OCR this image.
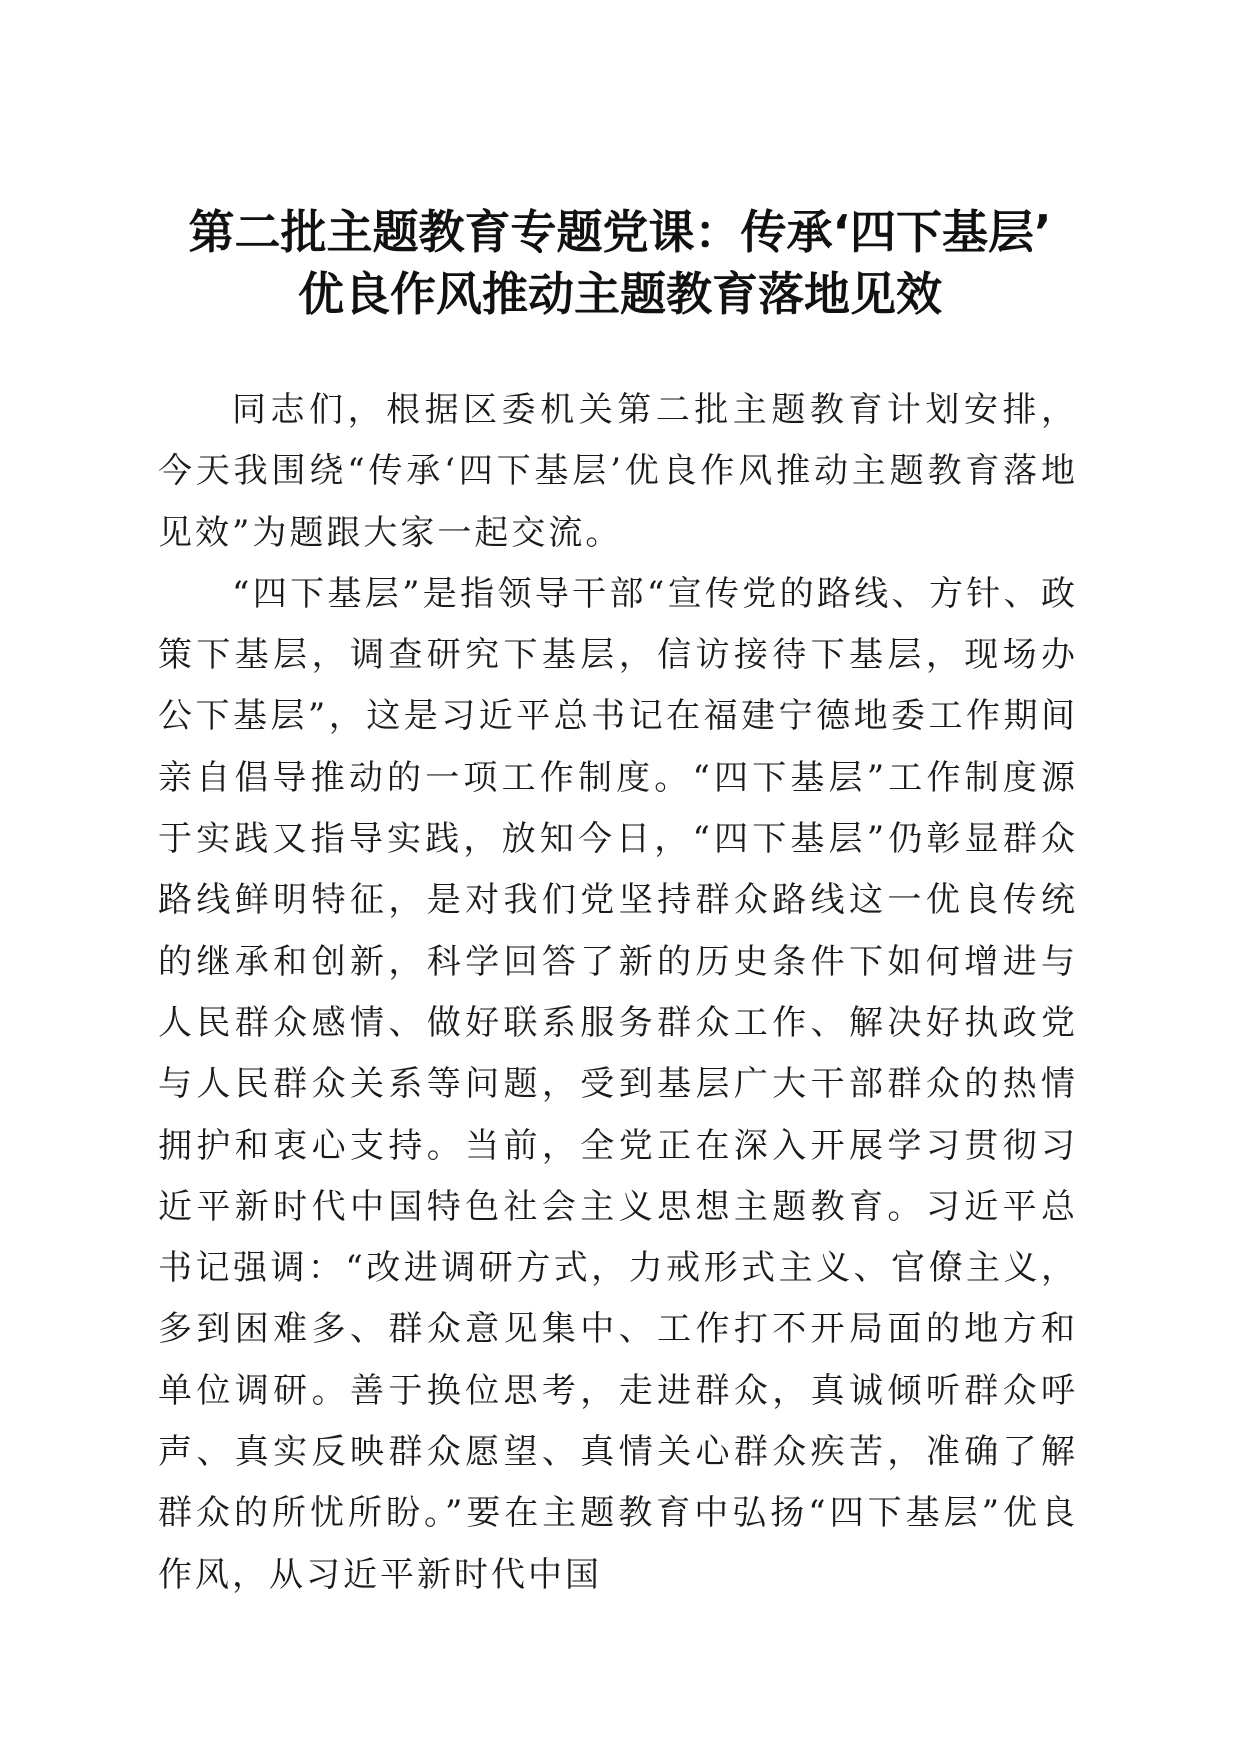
第二批主题教育专题党课：传承‘四下基层’
优良作风推动主题教育落地见效

同志们，根据区委机关第二批主题教育计划安排，今天我围绕“传承‘四下基层’优良作风推动主题教育落地见效”为题跟大家一起交流。

“四下基层”是指领导干部“宣传党的路线、方针、政策下基层，调查研究下基层，信访接待下基层，现场办公下基层”，这是习近平总书记在福建宁德地委工作期间亲自倡导推动的一项工作制度。“四下基层”工作制度源于实践又指导实践，放知今日，“四下基层”仍彰显群众路线鲜明特征，是对我们党坚持群众路线这一优良传统的继承和创新，科学回答了新的历史条件下如何增进与人民群众感情、做好联系服务群众工作、解决好执政党与人民群众关系等问题，受到基层广大干部群众的热情拥护和衷心支持。当前，全党正在深入开展学习贯彻习近平新时代中国特色社会主义思想主题教育。习近平总书记强调：“改进调研方式，力戒形式主义、官僚主义，多到困难多、群众意见集中、工作打不开局面的地方和单位调研。善于换位思考，走进群众，真诚倾听群众呼声、真实反映群众愿望、真情关心群众疾苦，准确了解群众的所忧所盼。”要在主题教育中弘扬“四下基层”优良作风，从习近平新时代中国
